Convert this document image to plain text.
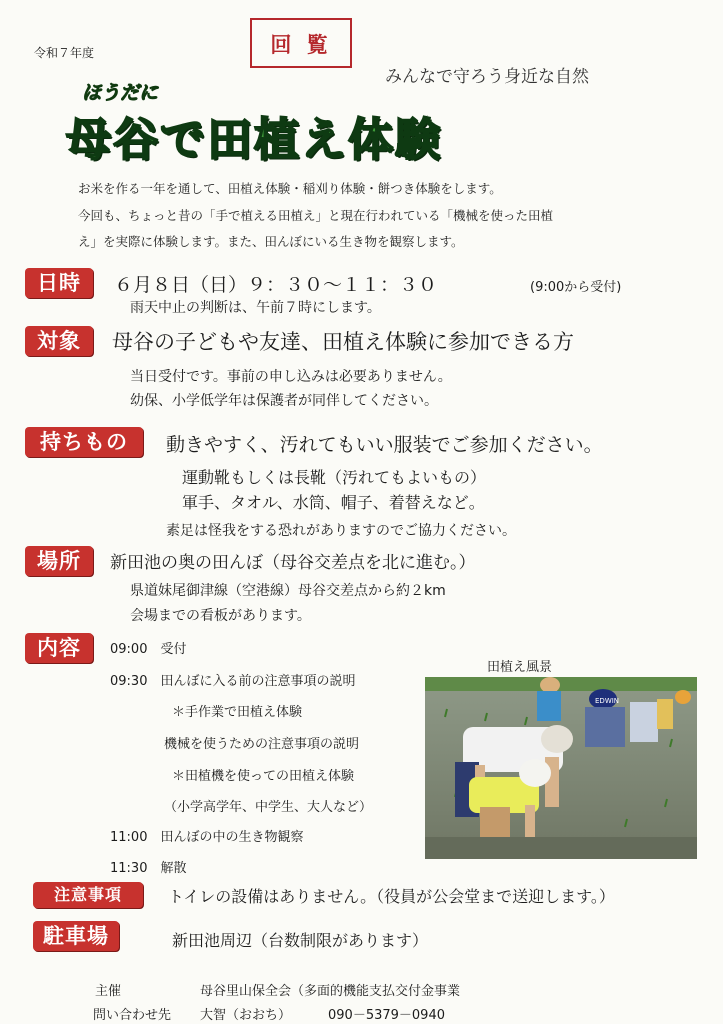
令和７年度	回 覧
みんなで守ろう身近な自然
ほうだに
母谷で田植え体験
お米を作る一年を通して、田植え体験・稲刈り体験・餅つき体験をします。
今回も、ちょっと昔の「手で植える田植え」と現在行われている「機械を使った田植
え」を実際に体験します。また、田んぼにいる生き物を観察します。
日時	６月８日（日）９：３０～１１：３０	(9:00から受付)
雨天中止の判断は、午前７時にします。
対象	母谷の子どもや友達、田植え体験に参加できる方
当日受付です。事前の申し込みは必要ありません。
幼保、小学低学年は保護者が同伴してください。
持ちもの	動きやすく、汚れてもいい服装でご参加ください。
運動靴もしくは長靴（汚れてもよいもの）
軍手、タオル、水筒、帽子、着替えなど。
素足は怪我をする恐れがありますのでご協力ください。
場所	新田池の奥の田んぼ（母谷交差点を北に進む。）
県道妹尾御津線（空港線）母谷交差点から約２km
会場までの看板があります。
内容	09:00　受付
09:30　田んぼに入る前の注意事項の説明
＊手作業で田植え体験
機械を使うための注意事項の説明
＊田植機を使っての田植え体験
（小学高学年、中学生、大人など）
11:00　田んぼの中の生き物観察
11:30　解散
田植え風景
EDWIN
注意事項	トイレの設備はありません。（役員が公会堂まで送迎します。）
駐車場	新田池周辺（台数制限があります）
主催	母谷里山保全会（多面的機能支払交付金事業
問い合わせ先 大智（おおち）	090－5379－0940
